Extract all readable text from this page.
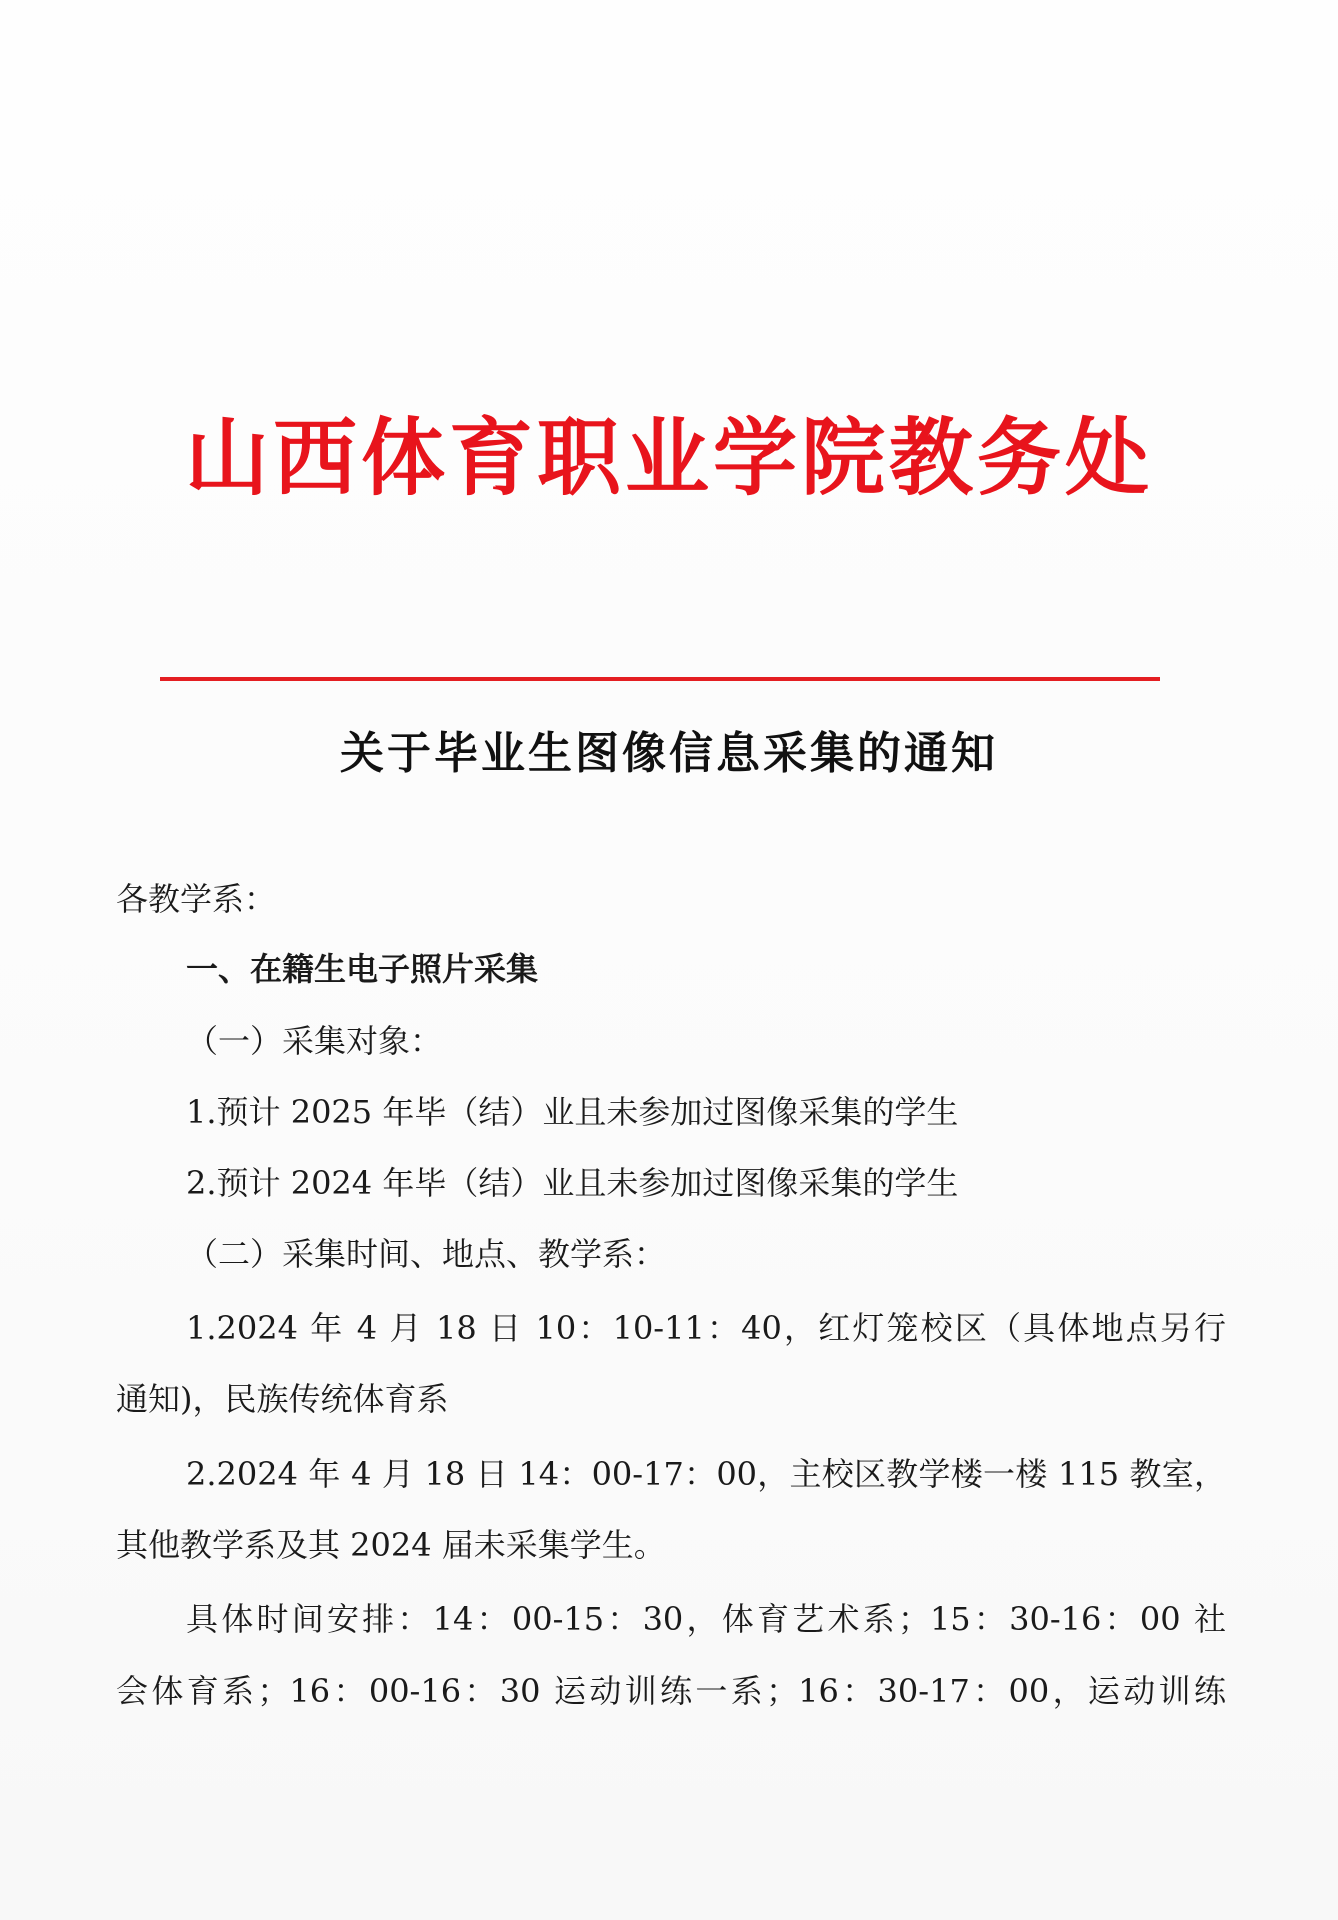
山西体育职业学院教务处
关于毕业生图像信息采集的通知
各教学系：
一、在籍生电子照片采集
（一）采集对象：
1.预计 2025 年毕（结）业且未参加过图像采集的学生
2.预计 2024 年毕（结）业且未参加过图像采集的学生
（二）采集时间、地点、教学系：
1.2024 年 4 月 18 日 10：10-11：40，红灯笼校区（具体地点另行
通知)，民族传统体育系
2.2024 年 4 月 18 日 14：00-17：00，主校区教学楼一楼 115 教室，
其他教学系及其 2024 届未采集学生。
具体时间安排：14：00-15：30，体育艺术系；15：30-16：00 社
会体育系；16：00-16：30 运动训练一系；16：30-17：00，运动训练
